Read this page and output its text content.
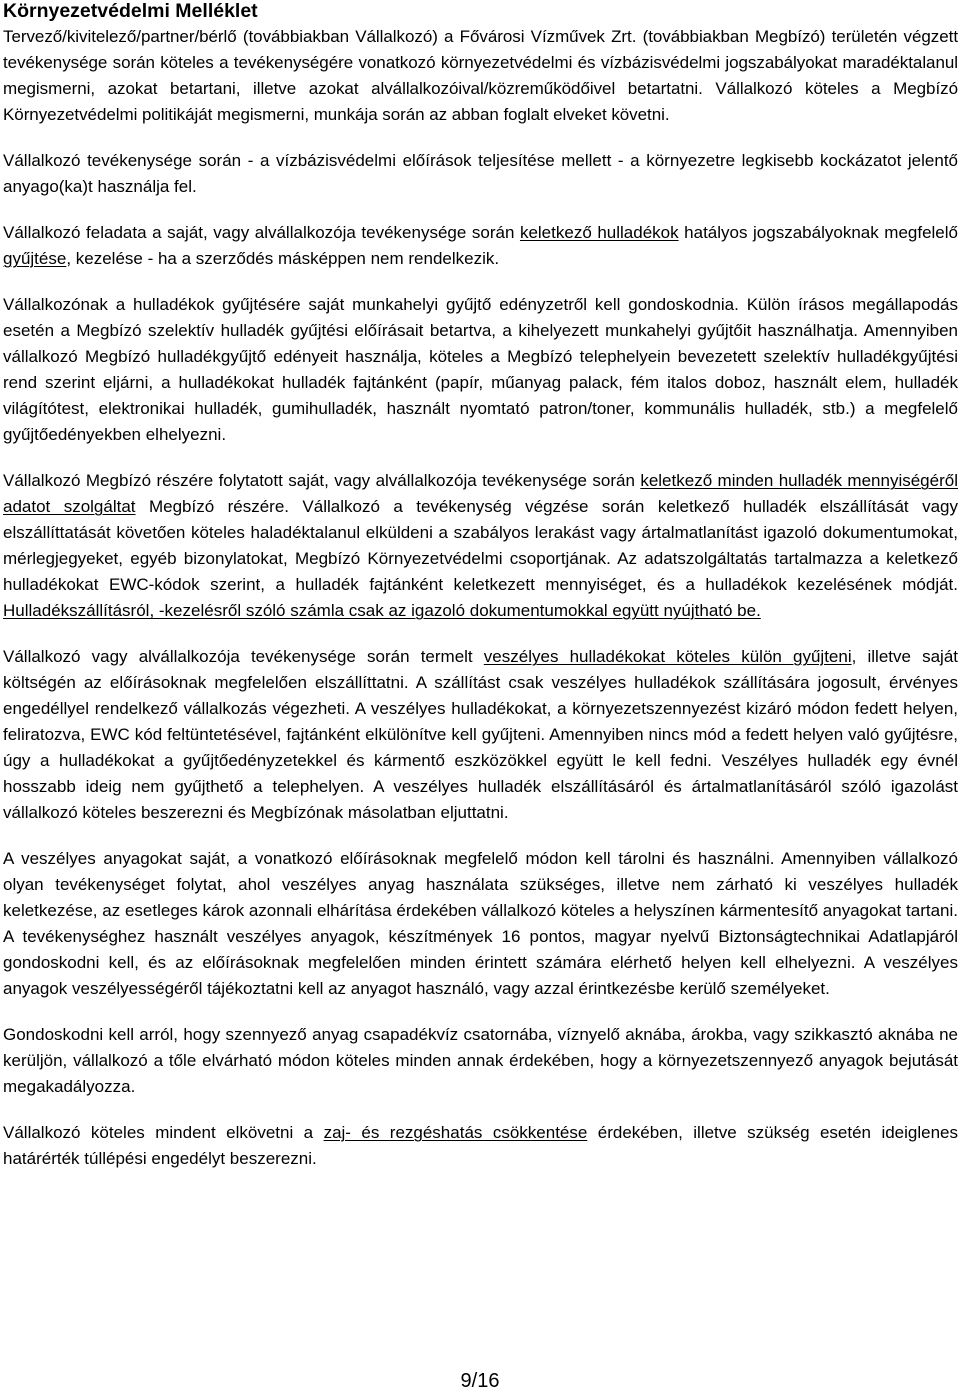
Környezetvédelmi Melléklet

Tervező/kivitelező/partner/bérlő (továbbiakban Vállalkozó) a Fővárosi Vízművek Zrt. (továbbiakban Megbízó) területén végzett tevékenysége során köteles a tevékenységére vonatkozó környezetvédelmi és vízbázisvédelmi jogszabályokat maradéktalanul megismerni, azokat betartani, illetve azokat alvállalkozóival/közreműködőivel betartatni. Vállalkozó köteles a Megbízó Környezetvédelmi politikáját megismerni, munkája során az abban foglalt elveket követni.

Vállalkozó tevékenysége során - a vízbázisvédelmi előírások teljesítése mellett - a környezetre legkisebb kockázatot jelentő anyago(ka)t használja fel.

Vállalkozó feladata a saját, vagy alvállalkozója tevékenysége során keletkező hulladékok hatályos jogszabályoknak megfelelő gyűjtése, kezelése - ha a szerződés másképpen nem rendelkezik.

Vállalkozónak a hulladékok gyűjtésére saját munkahelyi gyűjtő edényzetről kell gondoskodnia. Külön írásos megállapodás esetén a Megbízó szelektív hulladék gyűjtési előírásait betartva, a kihelyezett munkahelyi gyűjtőit használhatja. Amennyiben vállalkozó Megbízó hulladékgyűjtő edényeit használja, köteles a Megbízó telephelyein bevezetett szelektív hulladékgyűjtési rend szerint eljárni, a hulladékokat hulladék fajtánként (papír, műanyag palack, fém italos doboz, használt elem, hulladék világítótest, elektronikai hulladék, gumihulladék, használt nyomtató patron/toner, kommunális hulladék, stb.) a megfelelő gyűjtőedényekben elhelyezni.

Vállalkozó Megbízó részére folytatott saját, vagy alvállalkozója tevékenysége során keletkező minden hulladék mennyiségéről adatot szolgáltat Megbízó részére. Vállalkozó a tevékenység végzése során keletkező hulladék elszállítását vagy elszállíttatását követően köteles haladéktalanul elküldeni a szabályos lerakást vagy ártalmatlanítást igazoló dokumentumokat, mérlegjegyeket, egyéb bizonylatokat, Megbízó Környezetvédelmi csoportjának. Az adatszolgáltatás tartalmazza a keletkező hulladékokat EWC-kódok szerint, a hulladék fajtánként keletkezett mennyiséget, és a hulladékok kezelésének módját. Hulladékszállításról, -kezelésről szóló számla csak az igazoló dokumentumokkal együtt nyújtható be.

Vállalkozó vagy alvállalkozója tevékenysége során termelt veszélyes hulladékokat köteles külön gyűjteni, illetve saját költségén az előírásoknak megfelelően elszállíttatni. A szállítást csak veszélyes hulladékok szállítására jogosult, érvényes engedéllyel rendelkező vállalkozás végezheti. A veszélyes hulladékokat, a környezetszennyezést kizáró módon fedett helyen, feliratozva, EWC kód feltüntetésével, fajtánként elkülönítve kell gyűjteni. Amennyiben nincs mód a fedett helyen való gyűjtésre, úgy a hulladékokat a gyűjtőedényzetekkel és kármentő eszközökkel együtt le kell fedni. Veszélyes hulladék egy évnél hosszabb ideig nem gyűjthető a telephelyen. A veszélyes hulladék elszállításáról és ártalmatlanításáról szóló igazolást vállalkozó köteles beszerezni és Megbízónak másolatban eljuttatni.

A veszélyes anyagokat saját, a vonatkozó előírásoknak megfelelő módon kell tárolni és használni. Amennyiben vállalkozó olyan tevékenységet folytat, ahol veszélyes anyag használata szükséges, illetve nem zárható ki veszélyes hulladék keletkezése, az esetleges károk azonnali elhárítása érdekében vállalkozó köteles a helyszínen kármentesítő anyagokat tartani. A tevékenységhez használt veszélyes anyagok, készítmények 16 pontos, magyar nyelvű Biztonságtechnikai Adatlapjáról gondoskodni kell, és az előírásoknak megfelelően minden érintett számára elérhető helyen kell elhelyezni. A veszélyes anyagok veszélyességéről tájékoztatni kell az anyagot használó, vagy azzal érintkezésbe kerülő személyeket.

Gondoskodni kell arról, hogy szennyező anyag csapadékvíz csatornába, víznyelő aknába, árokba, vagy szikkasztó aknába ne kerüljön, vállalkozó a tőle elvárható módon köteles minden annak érdekében, hogy a környezetszennyező anyagok bejutását megakadályozza.

Vállalkozó köteles mindent elkövetni a zaj- és rezgéshatás csökkentése érdekében, illetve szükség esetén ideiglenes határérték túllépési engedélyt beszerezni.

9/16
